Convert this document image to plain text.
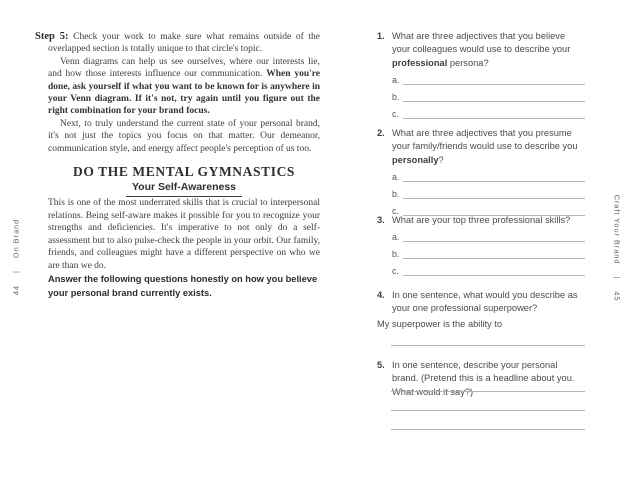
44
|
On Brand	Craft Your Brand
|
45

Step 5: Check your work to make sure what remains outside of the overlapped section is totally unique to that circle's topic.

Venn diagrams can help us see ourselves, where our interests lie, and how those interests influence our communication. When you're done, ask yourself if what you want to be known for is anywhere in your Venn diagram. If it's not, try again until you figure out the right combination for your brand focus.

Next, to truly understand the current state of your personal brand, it's not just the topics you focus on that matter. Our demeanor, communication style, and energy affect people's perception of us too.

DO THE MENTAL GYMNASTICS
Your Self-Awareness

This is one of the most underrated skills that is crucial to interpersonal relations. Being self-aware makes it possible for you to recognize your strengths and deficiencies. It's imperative to not only do a self-assessment but to also pulse-check the people in your orbit. Our family, friends, and colleagues might have a different perspective on who we are than we do.

Answer the following questions honestly on how you believe your personal brand currently exists.

1. What are three adjectives that you believe your colleagues would use to describe your professional persona?
a.
b.
c.
2. What are three adjectives that you presume your family/friends would use to describe you personally?
a.
b.
c.
3. What are your top three professional skills?
a.
b.
c.
4. In one sentence, what would you describe as your one professional superpower?
My superpower is the ability to
5. In one sentence, describe your personal brand. (Pretend this is a headline about you. What would it say?)
